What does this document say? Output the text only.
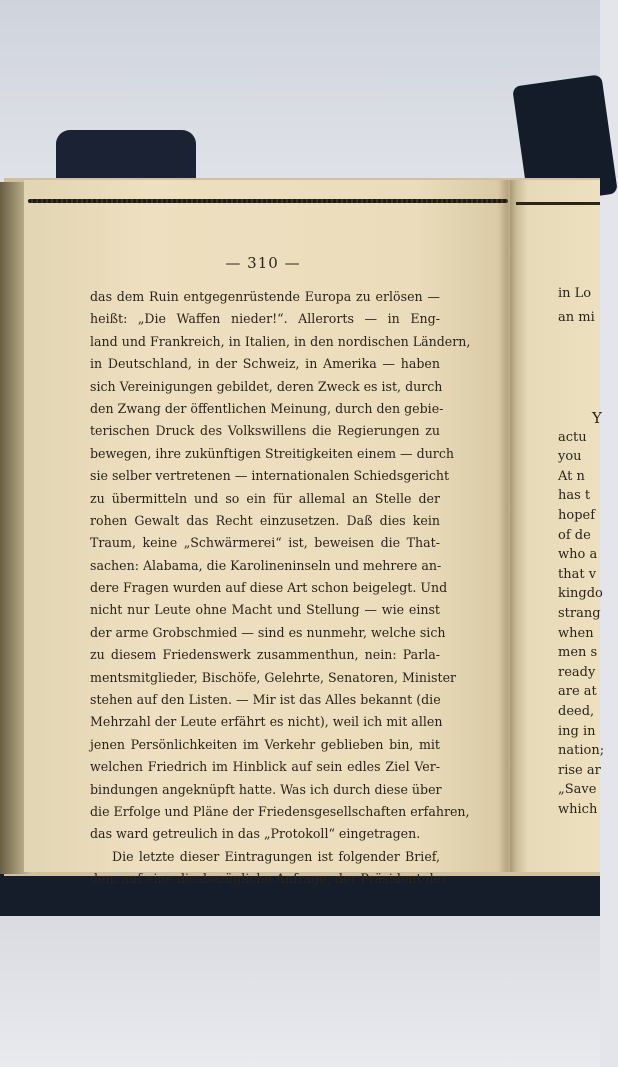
— 310 —
das dem Ruin entgegenrüstende Europa zu erlösen —
heißt: „Die Waffen nieder!“. Allerorts — in Eng-
land und Frankreich, in Italien, in den nordischen Ländern,
in Deutschland, in der Schweiz, in Amerika — haben
sich Vereinigungen gebildet, deren Zweck es ist, durch
den Zwang der öffentlichen Meinung, durch den gebie-
terischen Druck des Volkswillens die Regierungen zu
bewegen, ihre zukünftigen Streitigkeiten einem — durch
sie selber vertretenen — internationalen Schiedsgericht
zu übermitteln und so ein für allemal an Stelle der
rohen Gewalt das Recht einzusetzen. Daß dies kein
Traum, keine „Schwärmerei“ ist, beweisen die That-
sachen: Alabama, die Karolineninseln und mehrere an-
dere Fragen wurden auf diese Art schon beigelegt. Und
nicht nur Leute ohne Macht und Stellung — wie einst
der arme Grobschmied — sind es nunmehr, welche sich
zu diesem Friedenswerk zusammenthun, nein: Parla-
mentsmitglieder, Bischöfe, Gelehrte, Senatoren, Minister
stehen auf den Listen. — Mir ist das Alles bekannt (die
Mehrzahl der Leute erfährt es nicht), weil ich mit allen
jenen Persönlichkeiten im Verkehr geblieben bin, mit
welchen Friedrich im Hinblick auf sein edles Ziel Ver-
bindungen angeknüpft hatte. Was ich durch diese über
die Erfolge und Pläne der Friedensgesellschaften erfahren,
das ward getreulich in das „Protokoll“ eingetragen.
Die letzte dieser Eintragungen ist folgender Brief,
den, auf eine diesbezügliche Anfrage, der Präsident der
in Lo
an mi
Y
actu
you
At n
has t
hopef
of de
who a
that v
kingdo
strang
when
men s
ready
are at
deed,
ing in
nation;
rise ar
„Save
which
